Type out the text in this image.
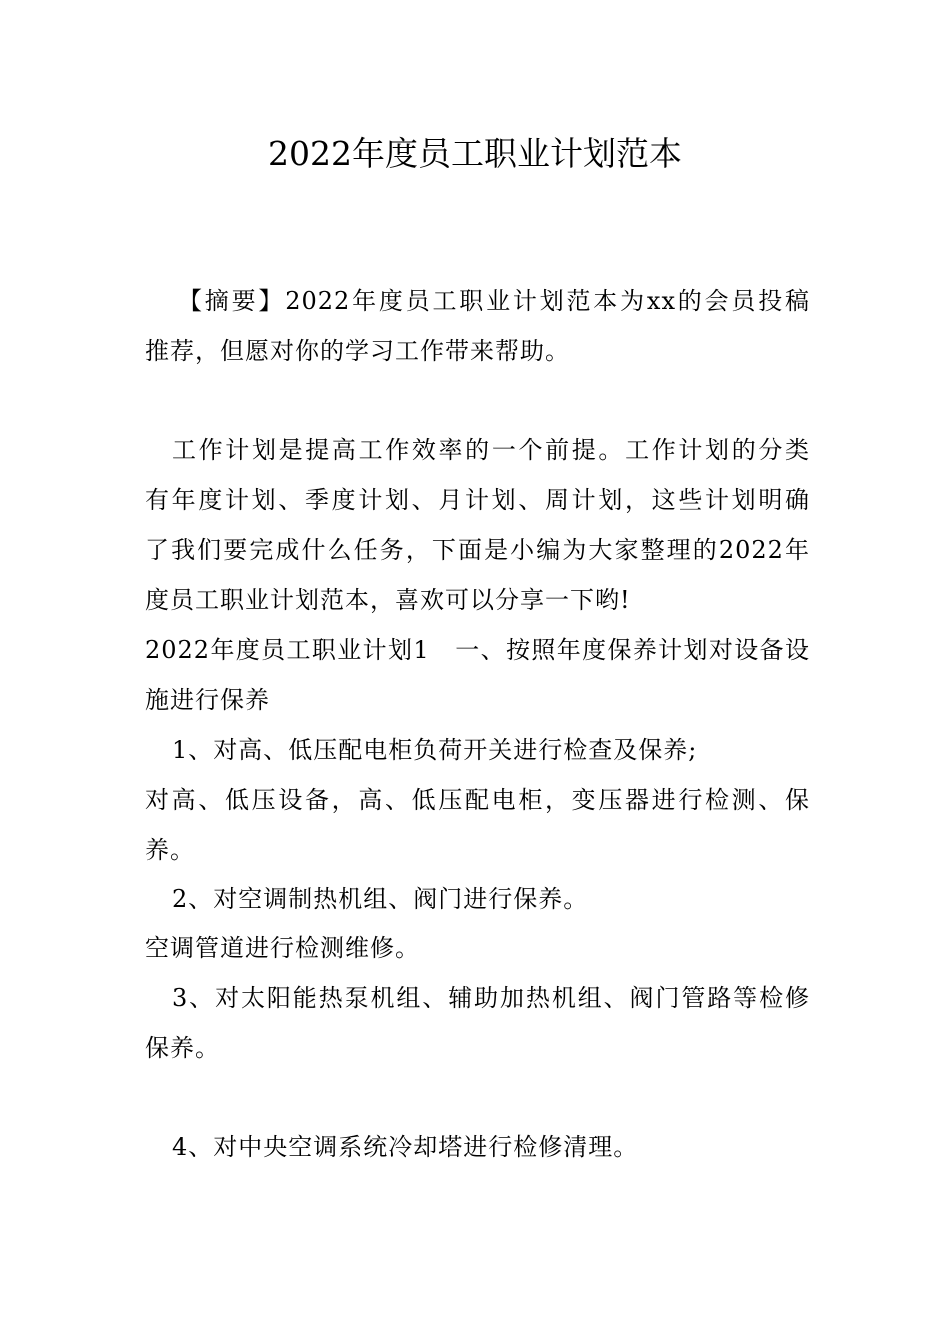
2022年度员工职业计划范本
【摘要】2022年度员工职业计划范本为xx的会员投稿
推荐，但愿对你的学习工作带来帮助。
工作计划是提高工作效率的一个前提。工作计划的分类
有年度计划、季度计划、月计划、周计划，这些计划明确
了我们要完成什么任务，下面是小编为大家整理的2022年
度员工职业计划范本，喜欢可以分享一下哟!
2022年度员工职业计划1　一、按照年度保养计划对设备设
施进行保养
1、对高、低压配电柜负荷开关进行检查及保养;
对高、低压设备，高、低压配电柜，变压器进行检测、保
养。
2、对空调制热机组、阀门进行保养。
空调管道进行检测维修。
3、对太阳能热泵机组、辅助加热机组、阀门管路等检修
保养。
4、对中央空调系统冷却塔进行检修清理。
